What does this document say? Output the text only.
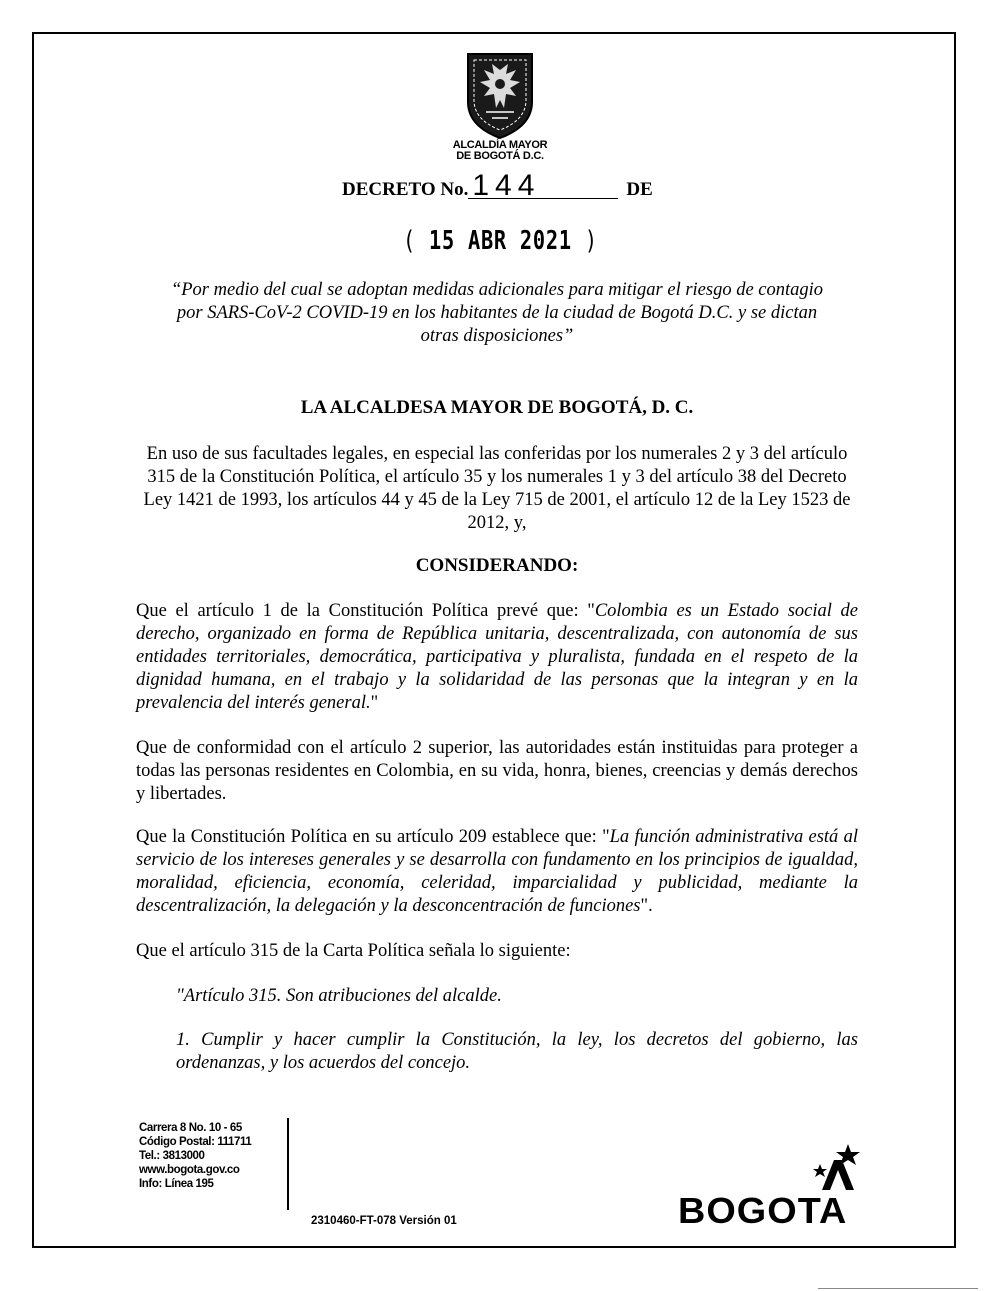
ALCALDÍA MAYOR
DE BOGOTÁ D.C.
DECRETO No. 144	DE
( 15 ABR 2021 )
“Por medio del cual se adoptan medidas adicionales para mitigar el riesgo de contagio
por SARS-CoV-2 COVID-19 en los habitantes de la ciudad de Bogotá D.C. y se dictan
otras disposiciones”
LA ALCALDESA MAYOR DE BOGOTÁ, D. C.
En uso de sus facultades legales, en especial las conferidas por los numerales 2 y 3 del artículo 315 de la Constitución Política, el artículo 35 y los numerales 1 y 3 del artículo 38 del Decreto Ley 1421 de 1993, los artículos 44 y 45 de la Ley 715 de 2001, el artículo 12 de la Ley 1523 de 2012, y,
CONSIDERANDO:
Que el artículo 1 de la Constitución Política prevé que: "Colombia es un Estado social de derecho, organizado en forma de República unitaria, descentralizada, con autonomía de sus entidades territoriales, democrática, participativa y pluralista, fundada en el respeto de la dignidad humana, en el trabajo y la solidaridad de las personas que la integran y en la prevalencia del interés general."
Que de conformidad con el artículo 2 superior, las autoridades están instituidas para proteger a todas las personas residentes en Colombia, en su vida, honra, bienes, creencias y demás derechos y libertades.
Que la Constitución Política en su artículo 209 establece que: "La función administrativa está al servicio de los intereses generales y se desarrolla con fundamento en los principios de igualdad, moralidad, eficiencia, economía, celeridad, imparcialidad y publicidad, mediante la descentralización, la delegación y la desconcentración de funciones".
Que el artículo 315 de la Carta Política señala lo siguiente:
"Artículo 315. Son atribuciones del alcalde.
1. Cumplir y hacer cumplir la Constitución, la ley, los decretos del gobierno, las ordenanzas, y los acuerdos del concejo.
Carrera 8 No. 10 - 65
Código Postal: 111711
Tel.: 3813000
www.bogota.gov.co
Info: Línea 195
2310460-FT-078 Versión 01	BOGOTA
